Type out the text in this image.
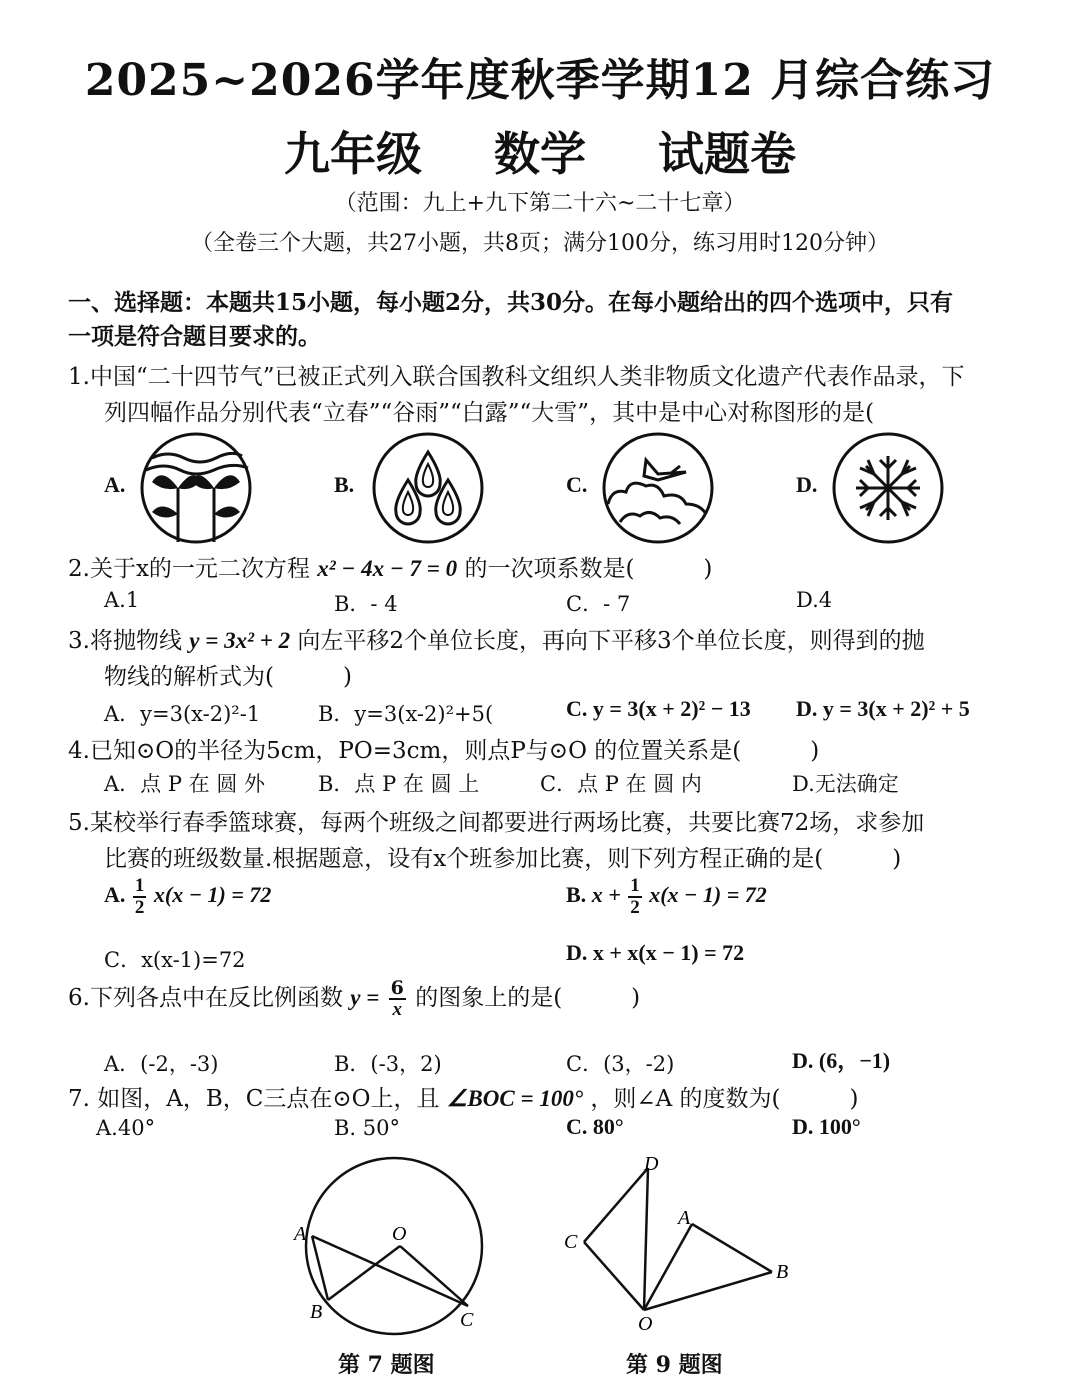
2025~2026学年度秋季学期12 月综合练习
九年级 数学 试题卷
（范围：九上+九下第二十六~二十七章）
（全卷三个大题，共27小题，共8页；满分100分，练习用时120分钟）
一、选择题：本题共15小题，每小题2分，共30分。在每小题给出的四个选项中，只有
一项是符合题目要求的。
1.中国“二十四节气”已被正式列入联合国教科文组织人类非物质文化遗产代表作品录，下
列四幅作品分别代表“立春”“谷雨”“白露”“大雪”，其中是中心对称图形的是(
A.	B.	C.	D.
2.关于x的一元二次方程 x² − 4x − 7 = 0 的一次项系数是(　　　)
A.1	B．- 4	C．- 7	D.4
3.将抛物线 y = 3x² + 2 向左平移2个单位长度，再向下平移3个单位长度，则得到的抛
物线的解析式为(　　　)
A．y=3(x-2)²-1	B．y=3(x-2)²+5(	C. y = 3(x + 2)² − 13 D. y = 3(x + 2)² + 5
4.已知⊙O的半径为5cm，PO=3cm，则点P与⊙O 的位置关系是(　　　)
A．点 P 在 圆 外	B．点 P 在 圆 上	C．点 P 在 圆 内	D.无法确定
5.某校举行春季篮球赛，每两个班级之间都要进行两场比赛，共要比赛72场，求参加
比赛的班级数量.根据题意，设有x个班参加比赛，则下列方程正确的是(　　　)
A. $\frac{1}{2} x(x - 1) = 72$	B. $x + \frac{1}{2} x(x - 1) = 72$
C．x(x-1)=72	D. x + x(x − 1) = 72
6.下列各点中在反比例函数 $y = \frac{6}{x}$ 的图象上的是(　　　)
A．(-2，-3)	B．(-3，2)	C．(3，-2)	D. (6，−1)
7. 如图，A，B，C三点在⊙O上，且 ∠BOC = 100° ，则∠A 的度数为(　　　)
A.40°	B. 50°	C. 80°	D. 100°
A
B	C
O
第 7 题图
D
C
A
B
O
第 9 题图
